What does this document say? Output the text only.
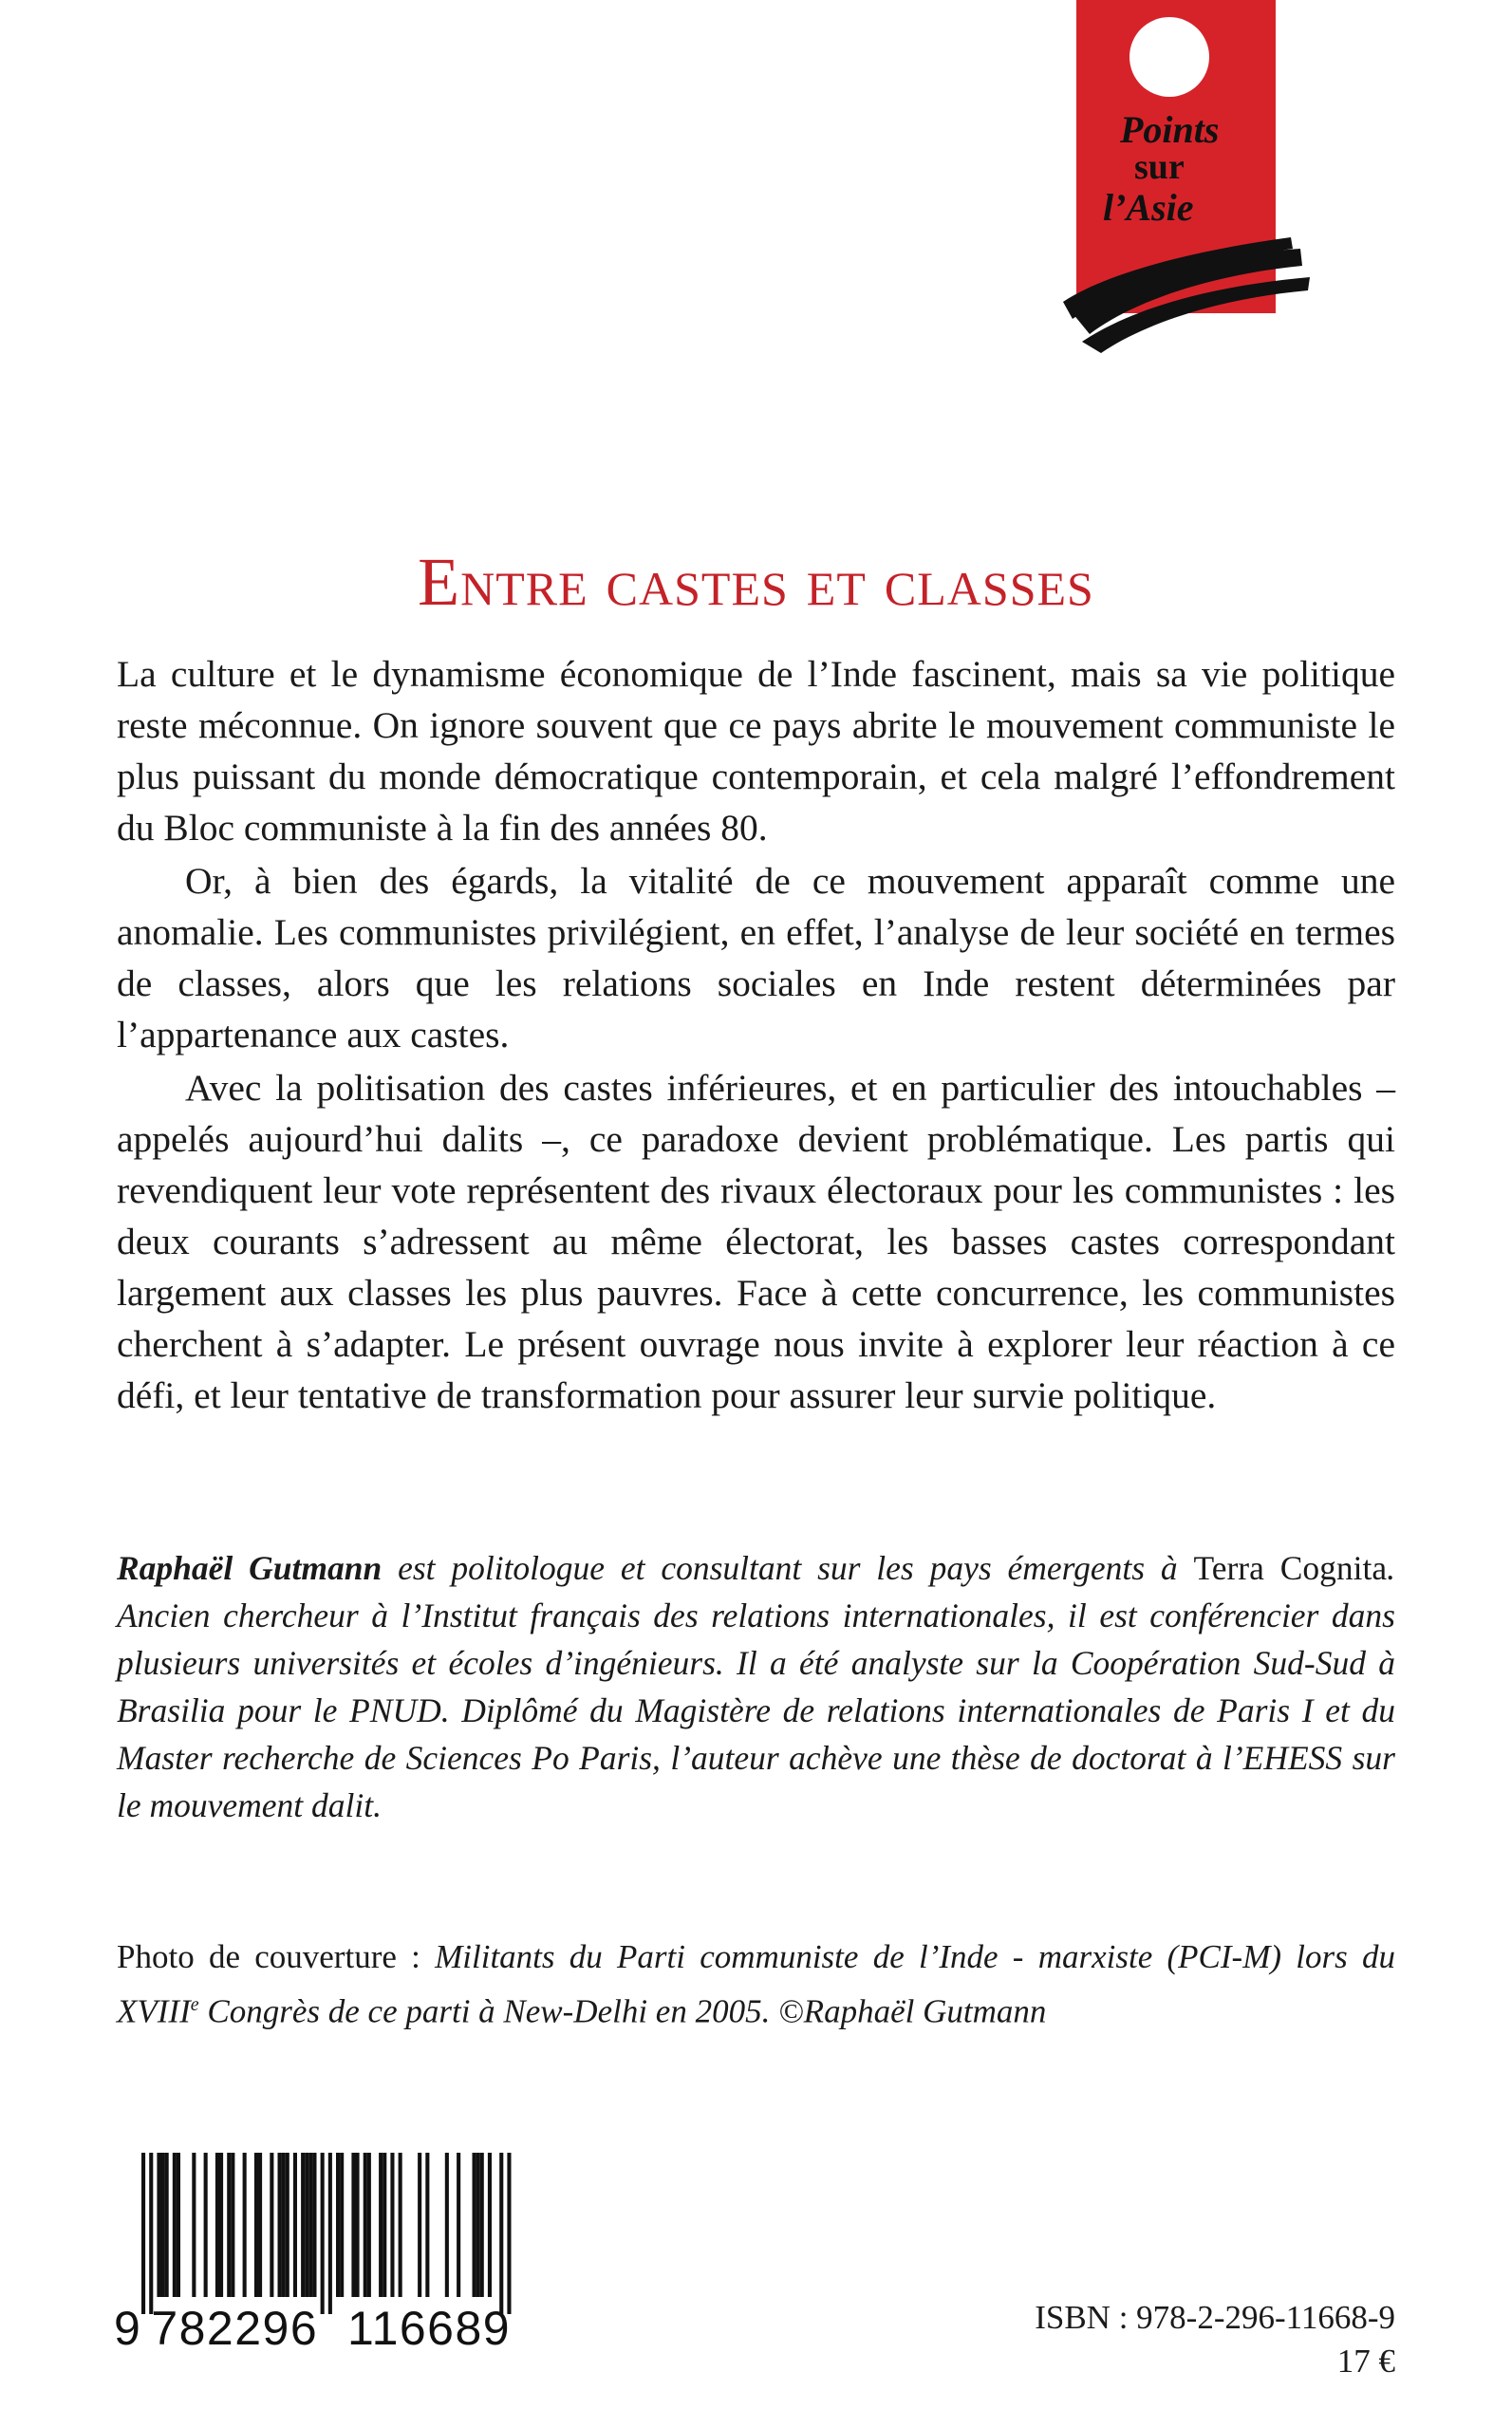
Points
sur
l’Asie
Entre castes et classes

La culture et le dynamisme économique de l’Inde fascinent, mais sa vie politique reste méconnue. On ignore souvent que ce pays abrite le mouvement communiste le plus puissant du monde démocratique contemporain, et cela malgré l’effondrement du Bloc communiste à la fin des années 80.

Or, à bien des égards, la vitalité de ce mouvement apparaît comme une anomalie. Les communistes privilégient, en effet, l’analyse de leur société en termes de classes, alors que les relations sociales en Inde restent déterminées par l’appartenance aux castes.

Avec la politisation des castes inférieures, et en particulier des intouchables – appelés aujourd’hui dalits –, ce paradoxe devient problématique. Les partis qui revendiquent leur vote représentent des rivaux électoraux pour les communistes : les deux courants s’adressent au même électorat, les basses castes correspondant largement aux classes les plus pauvres. Face à cette concurrence, les communistes cherchent à s’adapter. Le présent ouvrage nous invite à explorer leur réaction à ce défi, et leur tentative de transformation pour assurer leur survie politique.

Raphaël Gutmann est politologue et consultant sur les pays émergents à Terra Cognita. Ancien chercheur à l’Institut français des relations internationales, il est conférencier dans plusieurs universités et écoles d’ingénieurs. Il a été analyste sur la Coopération Sud-Sud à Brasilia pour le PNUD. Diplômé du Magistère de relations internationales de Paris I et du Master recherche de Sciences Po Paris, l’auteur achève une thèse de doctorat à l’EHESS sur le mouvement dalit.
Photo de couverture : Militants du Parti communiste de l’Inde - marxiste (PCI-M) lors du XVIIIe Congrès de ce parti à New-Delhi en 2005. ©Raphaël Gutmann
9 782296 116689	ISBN : 978-2-296-11668-9
17 €
